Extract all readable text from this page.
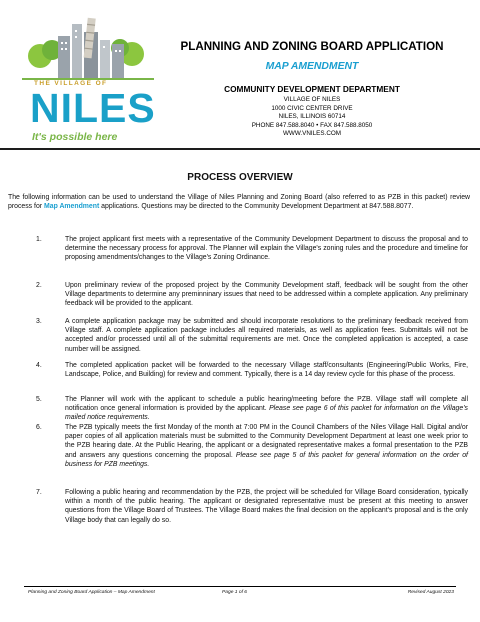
THE VILLAGE OF
NILES
It's possible here
PLANNING AND ZONING BOARD APPLICATION
MAP AMENDMENT
COMMUNITY DEVELOPMENT DEPARTMENT
VILLAGE OF NILES
1000 CIVIC CENTER DRIVE
NILES, ILLINOIS 60714
PHONE 847.588.8040 • FAX 847.588.8050
WWW.VNILES.COM
PROCESS OVERVIEW
The following information can be used to understand the Village of Niles Planning and Zoning Board (also referred to as PZB in this packet) review process for Map Amendment applications. Questions may be directed to the Community Development Department at 847.588.8077.
1.	The project applicant first meets with a representative of the Community Development Department to discuss the proposal and to determine the necessary process for approval. The Planner will explain the Village's zoning rules and the procedure and timeline for proposing amendments/changes to the Village's Zoning Ordinance.
2.	Upon preliminary review of the proposed project by the Community Development staff, feedback will be sought from the other Village departments to determine any preminninary issues that need to be addressed within a complete application. Any preliminary feedback will be provided to the applicant.
3.	A complete application package may be submitted and should incorporate resolutions to the preliminary feedback received from Village staff. A complete application package includes all required materials, as well as application fees. Submittals will not be accepted and/or processed until all of the submittal requirements are met. Once the completed application is accepted, a case number will be assigned.
4.	The completed application packet will be forwarded to the necessary Village staff/consultants (Engineering/Public Works, Fire, Landscape, Police, and Building) for review and comment. Typically, there is a 14 day review cycle for this phase of the process.
5.	The Planner will work with the applicant to schedule a public hearing/meeting before the PZB. Village staff will complete all notification once general information is provided by the applicant. Please see page 6 of this packet for information on the Village's mailed notice requirements.
6.	The PZB typically meets the first Monday of the month at 7:00 PM in the Council Chambers of the Niles Village Hall. Digital and/or paper copies of all application materials must be submitted to the Community Development Department at least one week prior to the PZB hearing date. At the Public Hearing, the applicant or a designated representative makes a formal presentation to the PZB and answers any questions concerning the proposal. Please see page 5 of this packet for general information on the order of business for PZB meetings.
7.	Following a public hearing and recommendation by the PZB, the project will be scheduled for Village Board consideration, typically within a month of the public hearing. The applicant or designated representative must be present at this meeting to answer questions from the Village Board of Trustees. The Village Board makes the final decision on the applicant's proposal and is the only Village body that can legally do so.
Planning and Zoning Board Application – Map Amendment	Page 1 of 6	Revised August 2023
